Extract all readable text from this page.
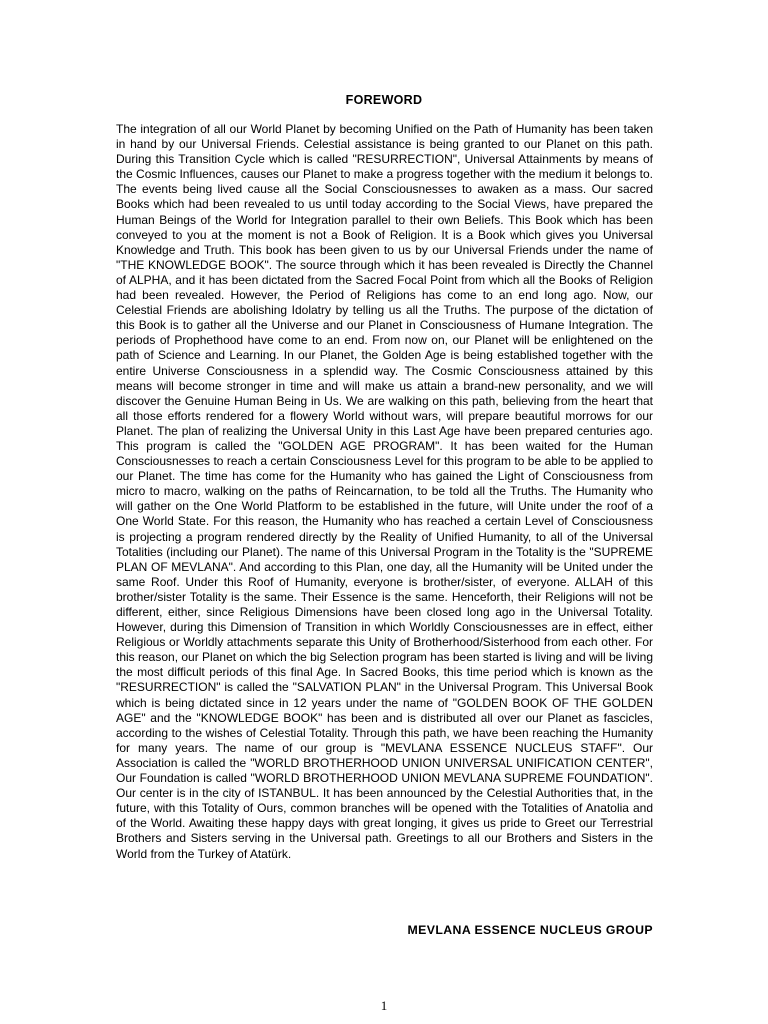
FOREWORD

The integration of all our World Planet by becoming Unified on the Path of Humanity has been taken in hand by our Universal Friends. Celestial assistance is being granted to our Planet on this path. During this Transition Cycle which is called "RESURRECTION", Universal Attainments by means of the Cosmic Influences, causes our Planet to make a progress together with the medium it belongs to. The events being lived cause all the Social Consciousnesses to awaken as a mass. Our sacred Books which had been revealed to us until today according to the Social Views, have prepared the Human Beings of the World for Integration parallel to their own Beliefs. This Book which has been conveyed to you at the moment is not a Book of Religion. It is a Book which gives you Universal Knowledge and Truth. This book has been given to us by our Universal Friends under the name of "THE KNOWLEDGE BOOK". The source through which it has been revealed is Directly the Channel of ALPHA, and it has been dictated from the Sacred Focal Point from which all the Books of Religion had been revealed. However, the Period of Religions has come to an end long ago. Now, our Celestial Friends are abolishing Idolatry by telling us all the Truths. The purpose of the dictation of this Book is to gather all the Universe and our Planet in Consciousness of Humane Integration. The periods of Prophethood have come to an end. From now on, our Planet will be enlightened on the path of Science and Learning. In our Planet, the Golden Age is being established together with the entire Universe Consciousness in a splendid way. The Cosmic Consciousness attained by this means will become stronger in time and will make us attain a brand-new personality, and we will discover the Genuine Human Being in Us. We are walking on this path, believing from the heart that all those efforts rendered for a flowery World without wars, will prepare beautiful morrows for our Planet. The plan of realizing the Universal Unity in this Last Age have been prepared centuries ago. This program is called the "GOLDEN AGE PROGRAM". It has been waited for the Human Consciousnesses to reach a certain Consciousness Level for this program to be able to be applied to our Planet. The time has come for the Humanity who has gained the Light of Consciousness from micro to macro, walking on the paths of Reincarnation, to be told all the Truths. The Humanity who will gather on the One World Platform to be established in the future, will Unite under the roof of a One World State. For this reason, the Humanity who has reached a certain Level of Consciousness is projecting a program rendered directly by the Reality of Unified Humanity, to all of the Universal Totalities (including our Planet). The name of this Universal Program in the Totality is the "SUPREME PLAN OF MEVLANA". And according to this Plan, one day, all the Humanity will be United under the same Roof. Under this Roof of Humanity, everyone is brother/sister, of everyone. ALLAH of this brother/sister Totality is the same. Their Essence is the same. Henceforth, their Religions will not be different, either, since Religious Dimensions have been closed long ago in the Universal Totality. However, during this Dimension of Transition in which Worldly Consciousnesses are in effect, either Religious or Worldly attachments separate this Unity of Brotherhood/Sisterhood from each other. For this reason, our Planet on which the big Selection program has been started is living and will be living the most difficult periods of this final Age. In Sacred Books, this time period which is known as the "RESURRECTION" is called the "SALVATION PLAN" in the Universal Program. This Universal Book which is being dictated since in 12 years under the name of "GOLDEN BOOK OF THE GOLDEN AGE" and the "KNOWLEDGE BOOK" has been and is distributed all over our Planet as fascicles, according to the wishes of Celestial Totality. Through this path, we have been reaching the Humanity for many years. The name of our group is "MEVLANA ESSENCE NUCLEUS STAFF". Our Association is called the "WORLD BROTHERHOOD UNION UNIVERSAL UNIFICATION CENTER", Our Foundation is called "WORLD BROTHERHOOD UNION MEVLANA SUPREME FOUNDATION". Our center is in the city of ISTANBUL. It has been announced by the Celestial Authorities that, in the future, with this Totality of Ours, common branches will be opened with the Totalities of Anatolia and of the World. Awaiting these happy days with great longing, it gives us pride to Greet our Terrestrial Brothers and Sisters serving in the Universal path. Greetings to all our Brothers and Sisters in the World from the Turkey of Atatürk.

MEVLANA ESSENCE NUCLEUS GROUP
1
